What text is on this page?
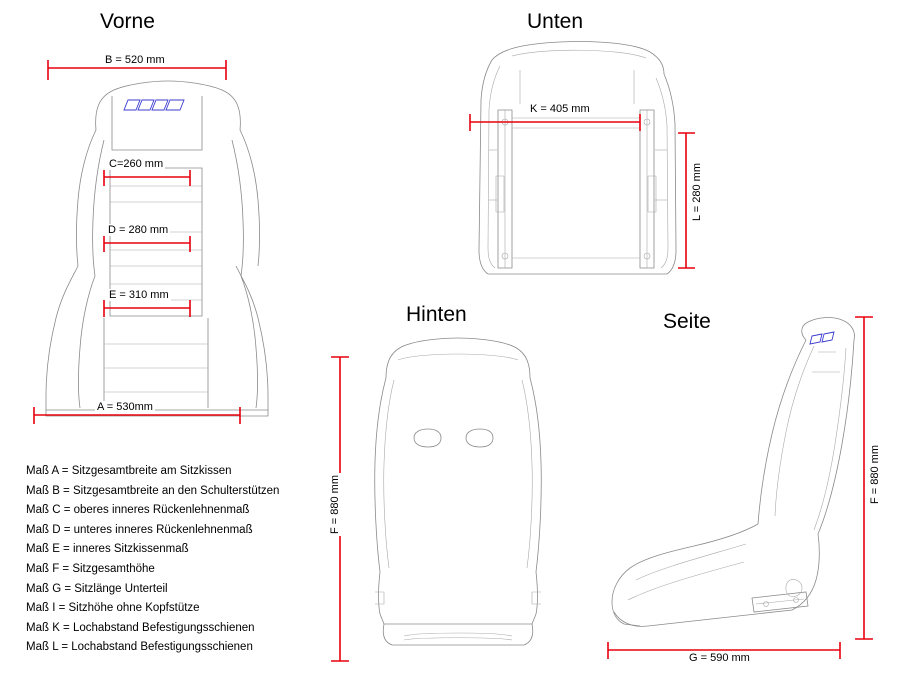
Vorne	Unten
Hinten	Seite
B = 520 mm
C=260 mm
D = 280 mm
E = 310 mm
A = 530mm
K = 405 mm
L = 280 mm
F = 880 mm
F = 880 mm
G = 590 mm
Maß A = Sitzgesamtbreite am Sitzkissen
Maß B = Sitzgesamtbreite an den Schulterstützen
Maß C = oberes inneres Rückenlehnenmaß
Maß D = unteres inneres Rückenlehnenmaß
Maß E = inneres Sitzkissenmaß
Maß F = Sitzgesamthöhe
Maß G = Sitzlänge Unterteil
Maß I = Sitzhöhe ohne Kopfstütze
Maß K = Lochabstand Befestigungsschienen
Maß L = Lochabstand Befestigungsschienen
